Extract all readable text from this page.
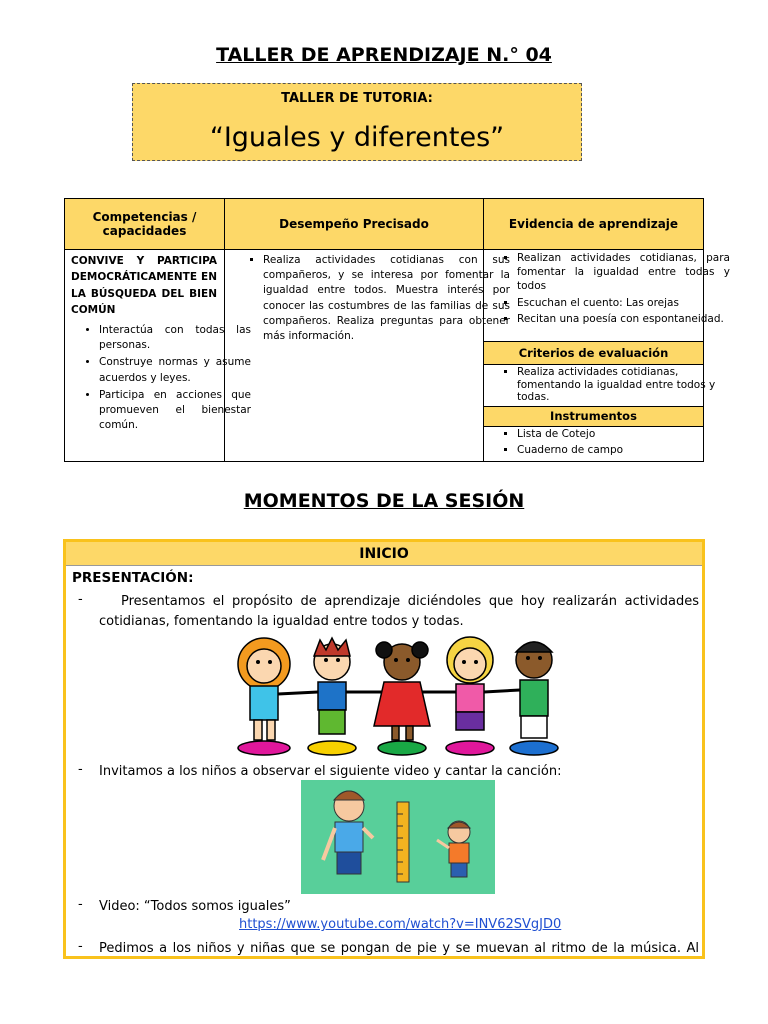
TALLER DE APRENDIZAJE N.° 04
TALLER DE TUTORIA:
“Iguales y diferentes”
Competencias / capacidades
Desempeño Precisado	Evidencia de aprendizaje
CONVIVE Y PARTICIPA DEMOCRÁTICAMENTE EN LA BÚSQUEDA DEL BIEN COMÚN
• Interactúa con todas las personas.
• Construye normas y asume acuerdos y leyes.
• Participa en acciones que promueven el bienestar común.
▪ Realiza actividades cotidianas con sus compañeros, y se interesa por fomentar la igualdad entre todos. Muestra interés por conocer las costumbres de las familias de sus compañeros. Realiza preguntas para obtener más información.
▪ Realizan actividades cotidianas, para fomentar la igualdad entre todas y todos
▪ Escuchan el cuento: Las orejas
▪ Recitan una poesía con espontaneidad.
Criterios de evaluación
▪ Realiza actividades cotidianas, fomentando la igualdad entre todos y todas.
Instrumentos
▪ Lista de Cotejo
▪ Cuaderno de campo
MOMENTOS DE LA SESIÓN
INICIO
PRESENTACIÓN:
-	Presentamos el propósito de aprendizaje diciéndoles que hoy realizarán actividades cotidianas, fomentando la igualdad entre todos y todas.
- Invitamos a los niños a observar el siguiente video y cantar la canción:
- Video: “Todos somos iguales”
https://www.youtube.com/watch?v=INV62SVgJD0
- Pedimos a los niños y niñas que se pongan de pie y se muevan al ritmo de la música. Al
